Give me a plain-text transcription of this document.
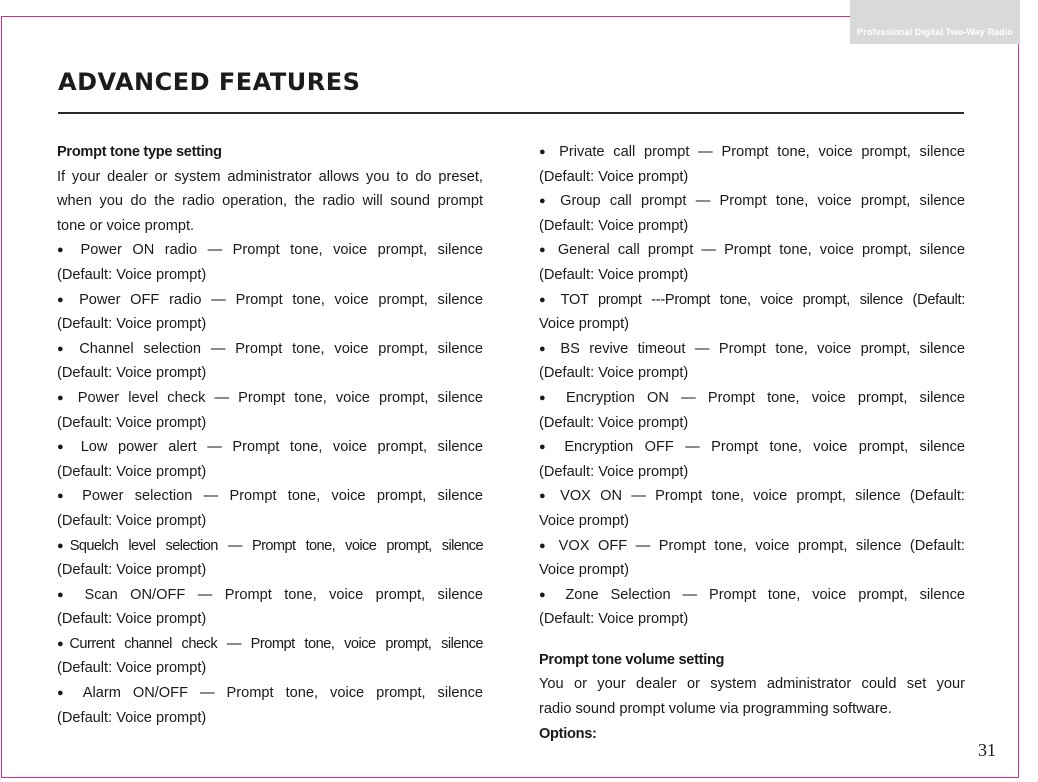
Professional Digital Two-Way Radio
ADVANCED FEATURES

Prompt tone type setting

If your dealer or system administrator allows you to do preset,

when you do the radio operation, the radio will sound prompt

tone or voice prompt.

● Power ON radio — Prompt tone, voice prompt, silence

(Default: Voice prompt)

● Power OFF radio — Prompt tone, voice prompt, silence

(Default: Voice prompt)

● Channel selection — Prompt tone, voice prompt, silence

(Default: Voice prompt)

● Power level check — Prompt tone, voice prompt, silence

(Default: Voice prompt)

● Low power alert — Prompt tone, voice prompt, silence

(Default: Voice prompt)

● Power selection — Prompt tone, voice prompt, silence

(Default: Voice prompt)

●Squelch level selection — Prompt tone, voice prompt, silence

(Default: Voice prompt)

● Scan ON/OFF — Prompt tone, voice prompt, silence

(Default: Voice prompt)

●Current channel check — Prompt tone, voice prompt, silence

(Default: Voice prompt)

● Alarm ON/OFF — Prompt tone, voice prompt, silence

(Default: Voice prompt)

● Private call prompt — Prompt tone, voice prompt, silence

(Default: Voice prompt)

● Group call prompt — Prompt tone, voice prompt, silence

(Default: Voice prompt)

● General call prompt — Prompt tone, voice prompt, silence

(Default: Voice prompt)

● TOT prompt ---Prompt tone, voice prompt, silence (Default:

Voice prompt)

● BS revive timeout — Prompt tone, voice prompt, silence

(Default: Voice prompt)

● Encryption ON — Prompt tone, voice prompt, silence

(Default: Voice prompt)

● Encryption OFF — Prompt tone, voice prompt, silence

(Default: Voice prompt)

● VOX ON — Prompt tone, voice prompt, silence (Default:

Voice prompt)

● VOX OFF — Prompt tone, voice prompt, silence (Default:

Voice prompt)

● Zone Selection — Prompt tone, voice prompt, silence

(Default: Voice prompt)

Prompt tone volume setting

You or your dealer or system administrator could set your

radio sound prompt volume via programming software.

Options:

31
